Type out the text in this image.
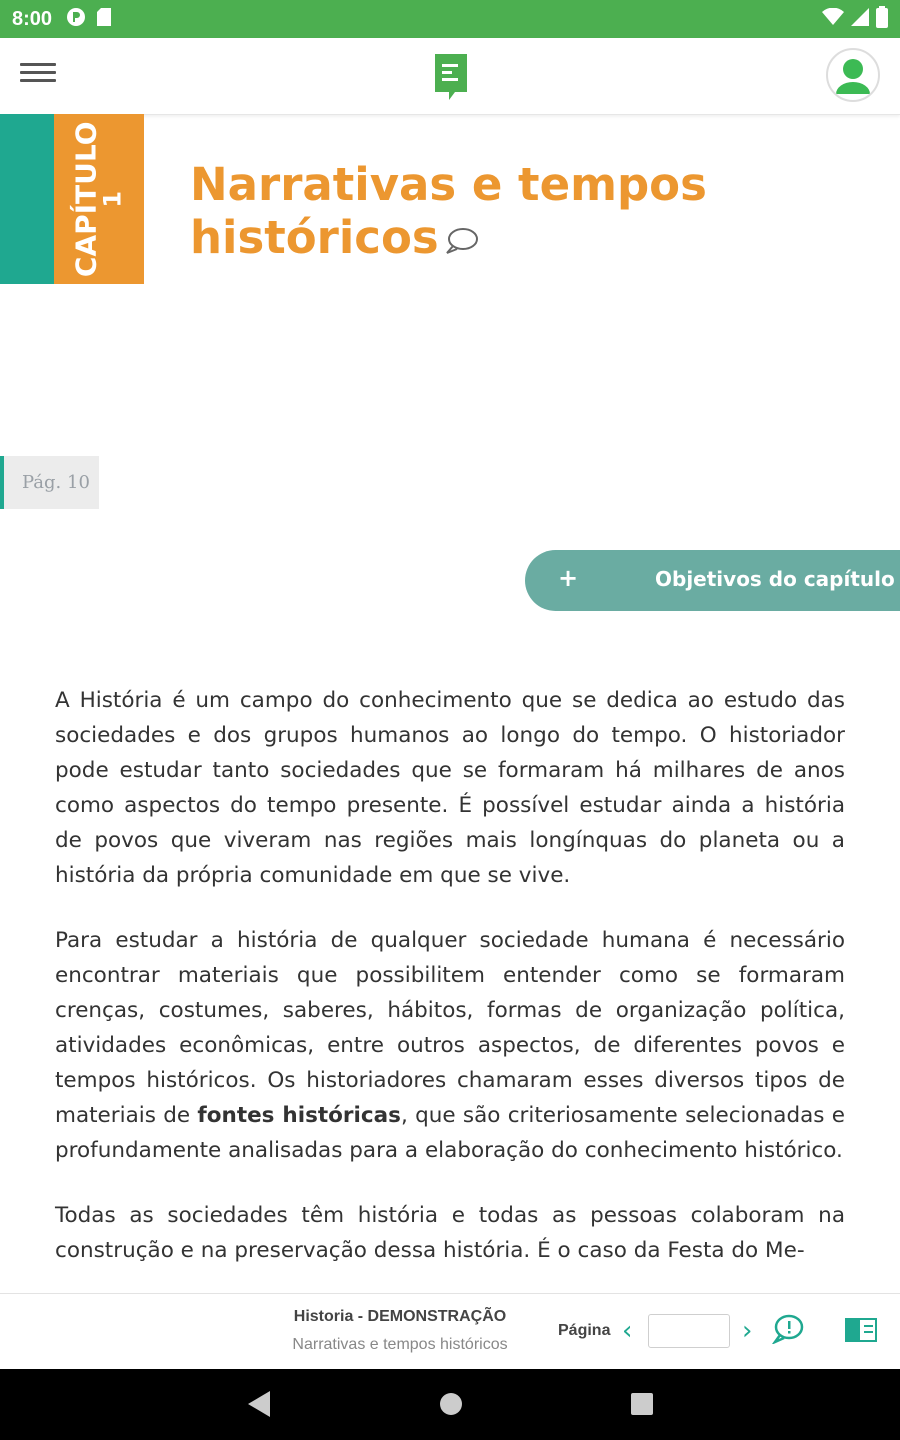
8:00
CAPÍTULO
1 Narrativas e tempos
históricos
Pág. 10
+	Objetivos do capítulo

A História é um campo do conhecimento que se dedica ao estudo das sociedades e dos grupos humanos ao longo do tempo. O historiador pode estudar tanto sociedades que se formaram há milhares de anos como aspectos do tempo presente. É possível estudar ainda a história de povos que viveram nas regiões mais longínquas do planeta ou a história da própria comunidade em que se vive.

Para estudar a história de qualquer sociedade humana é necessário encontrar materiais que possibilitem entender como se formaram crenças, costumes, saberes, hábitos, formas de organização política, atividades econômicas, entre outros aspectos, de diferentes povos e tempos históricos. Os historiadores chamaram esses diversos tipos de materiais de fontes históricas, que são criteriosamente selecionadas e profundamente analisadas para a elaboração do conhecimento histórico.

Todas as sociedades têm história e todas as pessoas colaboram na construção e na preservação dessa história. É o caso da Festa do Me-

Historia - DEMONSTRAÇÃO
Narrativas e tempos históricos
Página ‹	›
